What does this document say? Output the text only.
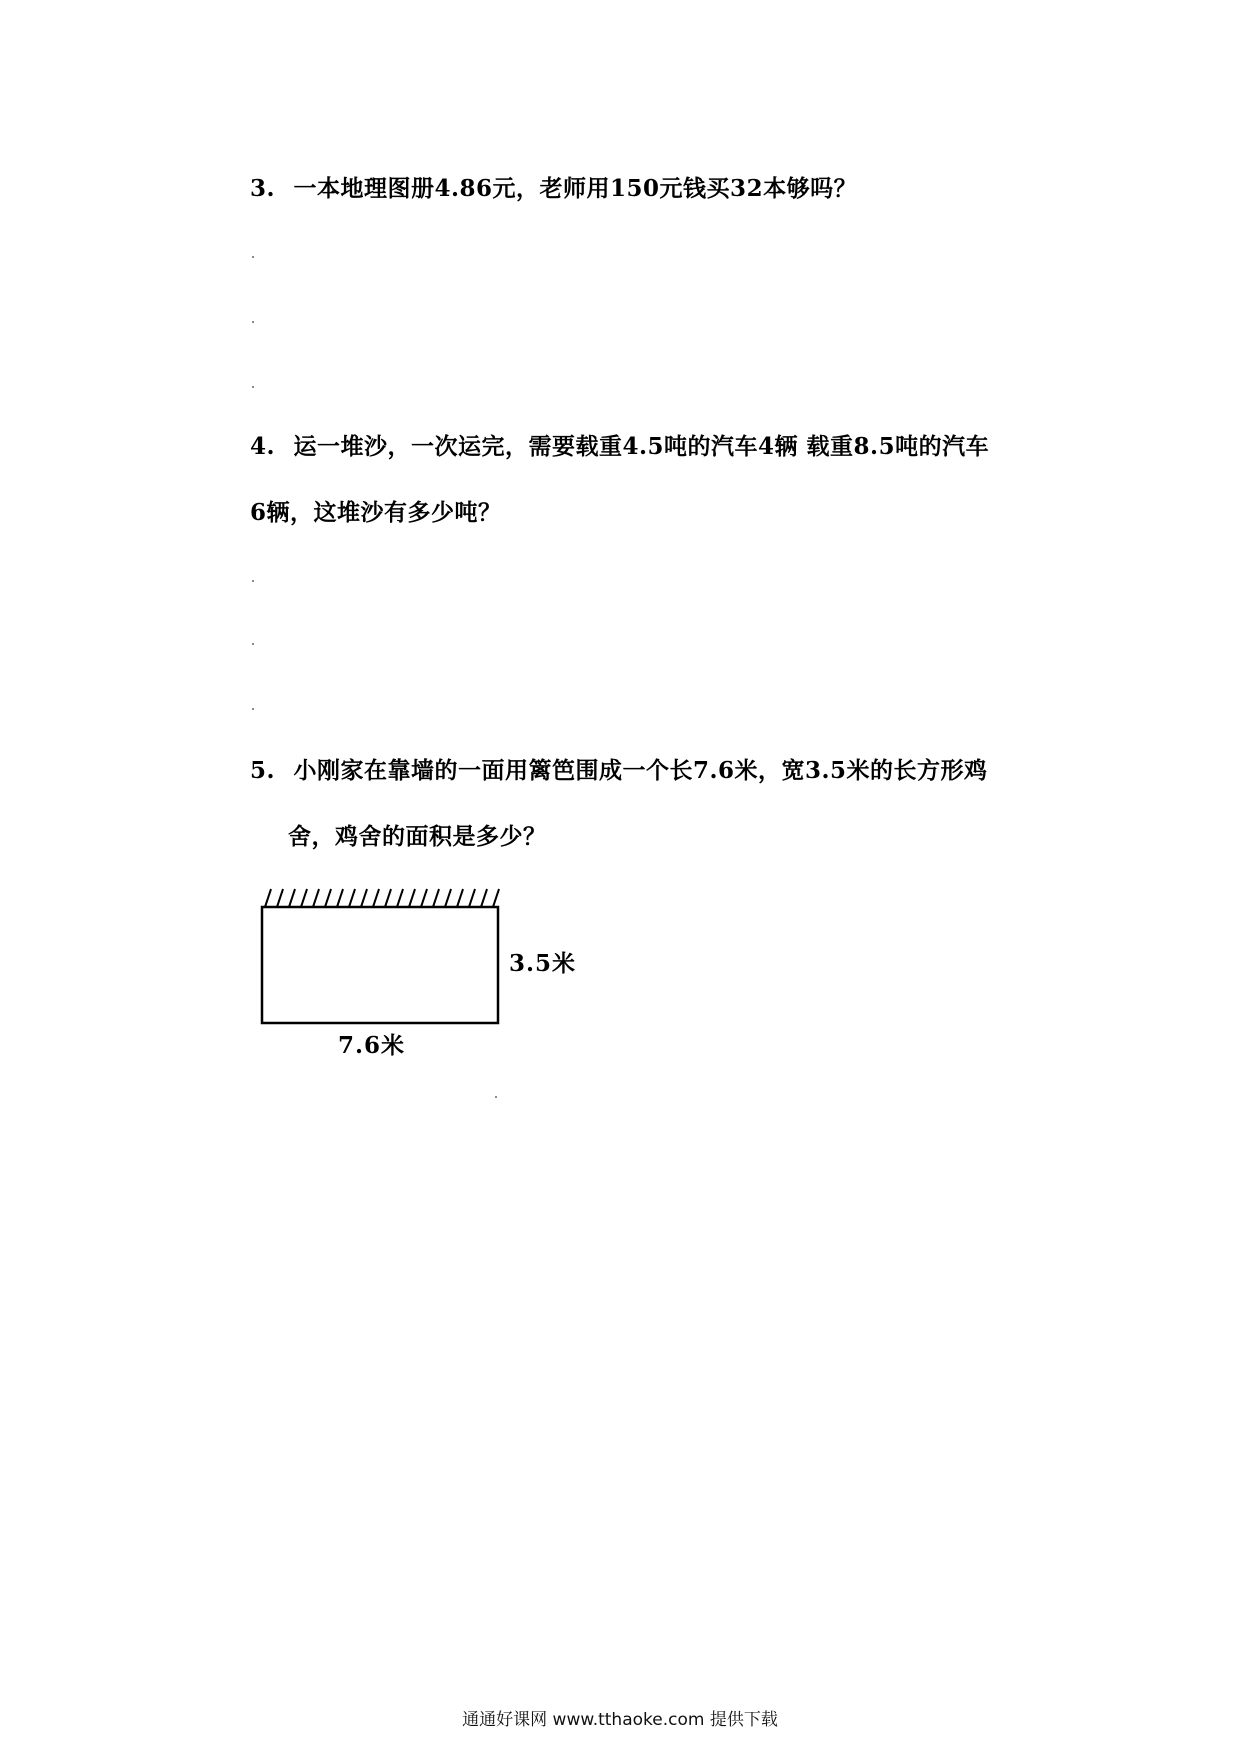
3. 一本地理图册4.86元，老师用150元钱买32本够吗？
4. 运一堆沙，一次运完，需要载重4.5吨的汽车4辆 载重8.5吨的汽车
6辆，这堆沙有多少吨？
5. 小刚家在靠墙的一面用篱笆围成一个长7.6米，宽3.5米的长方形鸡
舍，鸡舍的面积是多少？
3.5米
7.6米
通通好课网 www.tthaoke.com 提供下载
